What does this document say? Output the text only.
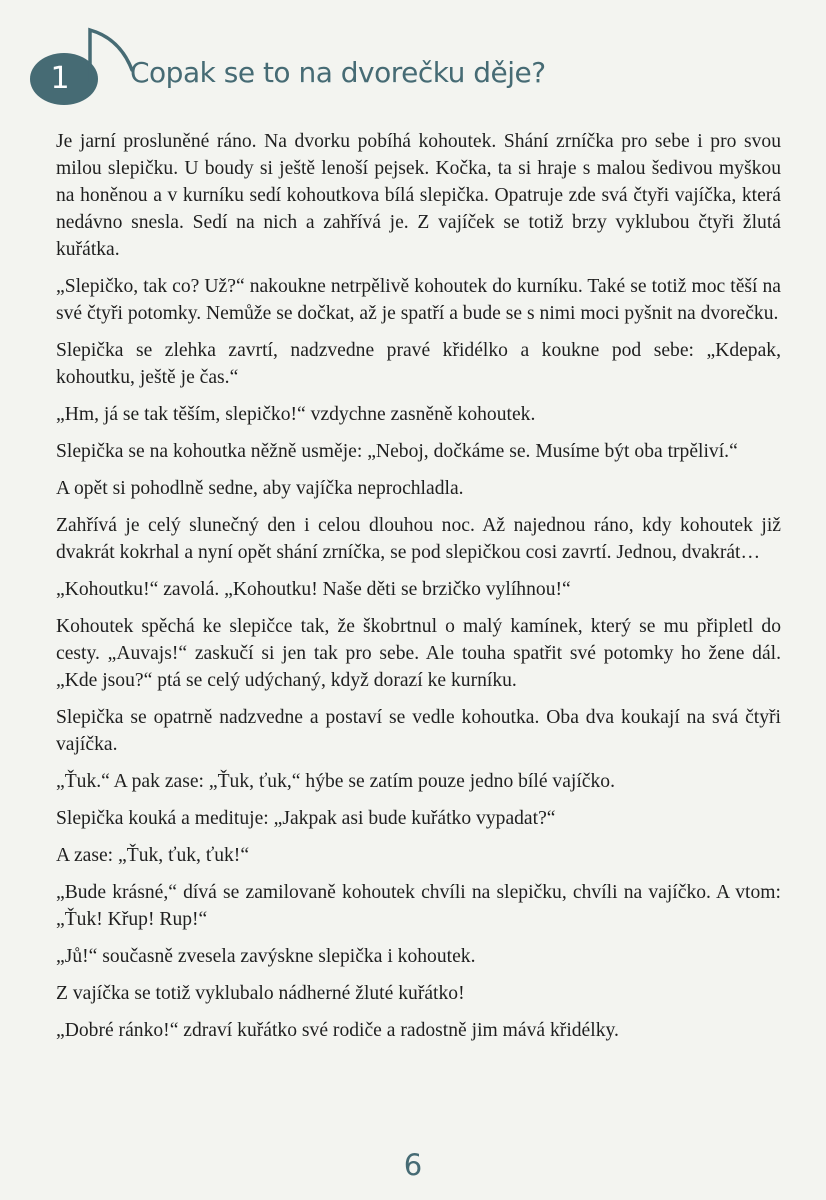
1	Copak se to na dvorečku děje?

Je jarní prosluněné ráno. Na dvorku pobíhá kohoutek. Shání zrníčka pro sebe i pro svou milou slepičku. U boudy si ještě lenoší pejsek. Kočka, ta si hraje s malou šedivou myškou na honěnou a v kurníku sedí kohoutkova bílá slepička. Opatruje zde svá čtyři vajíčka, která nedávno snesla. Sedí na nich a zahřívá je. Z vajíček se totiž brzy vyklubou čtyři žlutá kuřátka.

„Slepičko, tak co? Už?“ nakoukne netrpělivě kohoutek do kurníku. Také se totiž moc těší na své čtyři potomky. Nemůže se dočkat, až je spatří a bude se s nimi moci pyšnit na dvorečku.

Slepička se zlehka zavrtí, nadzvedne pravé křidélko a koukne pod sebe: „Kdepak, kohoutku, ještě je čas.“

„Hm, já se tak těším, slepičko!“ vzdychne zasněně kohoutek.

Slepička se na kohoutka něžně usměje: „Neboj, dočkáme se. Musíme být oba trpěliví.“

A opět si pohodlně sedne, aby vajíčka neprochladla.

Zahřívá je celý slunečný den i celou dlouhou noc. Až najednou ráno, kdy kohoutek již dvakrát kokrhal a nyní opět shání zrníčka, se pod slepičkou cosi zavrtí. Jednou, dvakrát…

„Kohoutku!“ zavolá. „Kohoutku! Naše děti se brzičko vylíhnou!“

Kohoutek spěchá ke slepičce tak, že škobrtnul o malý kamínek, který se mu připletl do cesty. „Auvajs!“ zaskučí si jen tak pro sebe. Ale touha spatřit své potomky ho žene dál. „Kde jsou?“ ptá se celý udýchaný, když dorazí ke kurníku.

Slepička se opatrně nadzvedne a postaví se vedle kohoutka. Oba dva koukají na svá čtyři vajíčka.

„Ťuk.“ A pak zase: „Ťuk, ťuk,“ hýbe se zatím pouze jedno bílé vajíčko.

Slepička kouká a medituje: „Jakpak asi bude kuřátko vypadat?“

A zase: „Ťuk, ťuk, ťuk!“

„Bude krásné,“ dívá se zamilovaně kohoutek chvíli na slepičku, chvíli na vajíčko. A vtom: „Ťuk! Křup! Rup!“

„Jů!“ současně zvesela zavýskne slepička i kohoutek.

Z vajíčka se totiž vyklubalo nádherné žluté kuřátko!

„Dobré ránko!“ zdraví kuřátko své rodiče a radostně jim mává křidélky.

6
